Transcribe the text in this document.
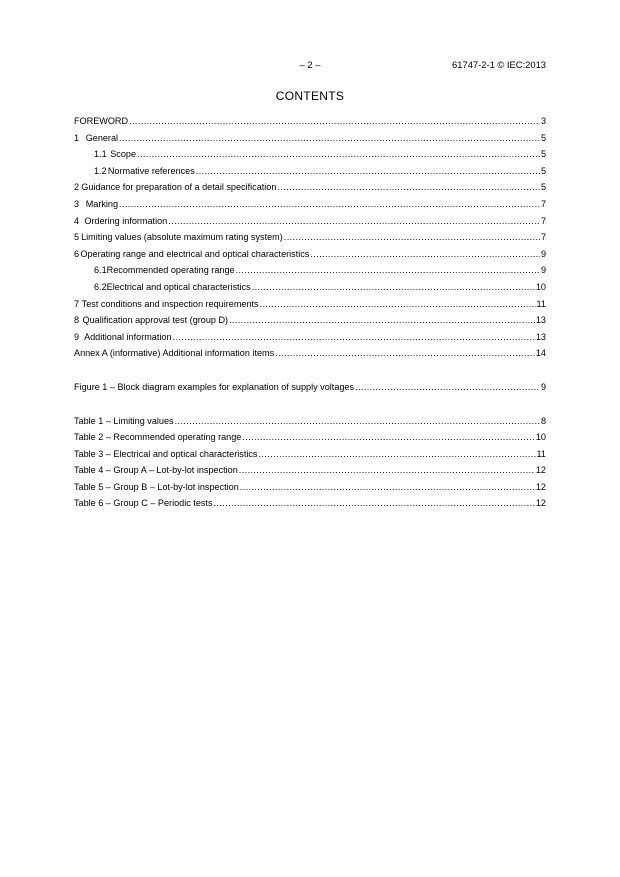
– 2 –	61747-2-1 © IEC:2013
CONTENTS
FOREWORD .....	3
1 General .....	5
1.1 Scope .....	5
1.2 Normative references .....	5
2 Guidance for preparation of a detail specification .....	5
3 Marking .....	7
4 Ordering information .....	7
5 Limiting values (absolute maximum rating system) .....	7
6 Operating range and electrical and optical characteristics .....	9
6.1 Recommended operating range .....	9
6.2 Electrical and optical characteristics .....	10
7 Test conditions and inspection requirements .....	11
8 Qualification approval test (group D) .....	13
9 Additional information .....	13
Annex A (informative) Additional information items .....	14
Figure 1 – Block diagram examples for explanation of supply voltages .....	9
Table 1 – Limiting values .....	8
Table 2 – Recommended operating range .....	10
Table 3 – Electrical and optical characteristics .....	11
Table 4 – Group A – Lot-by-lot inspection .....	12
Table 5 – Group B – Lot-by-lot inspection .....	12
Table 6 – Group C – Periodic tests .....	12
